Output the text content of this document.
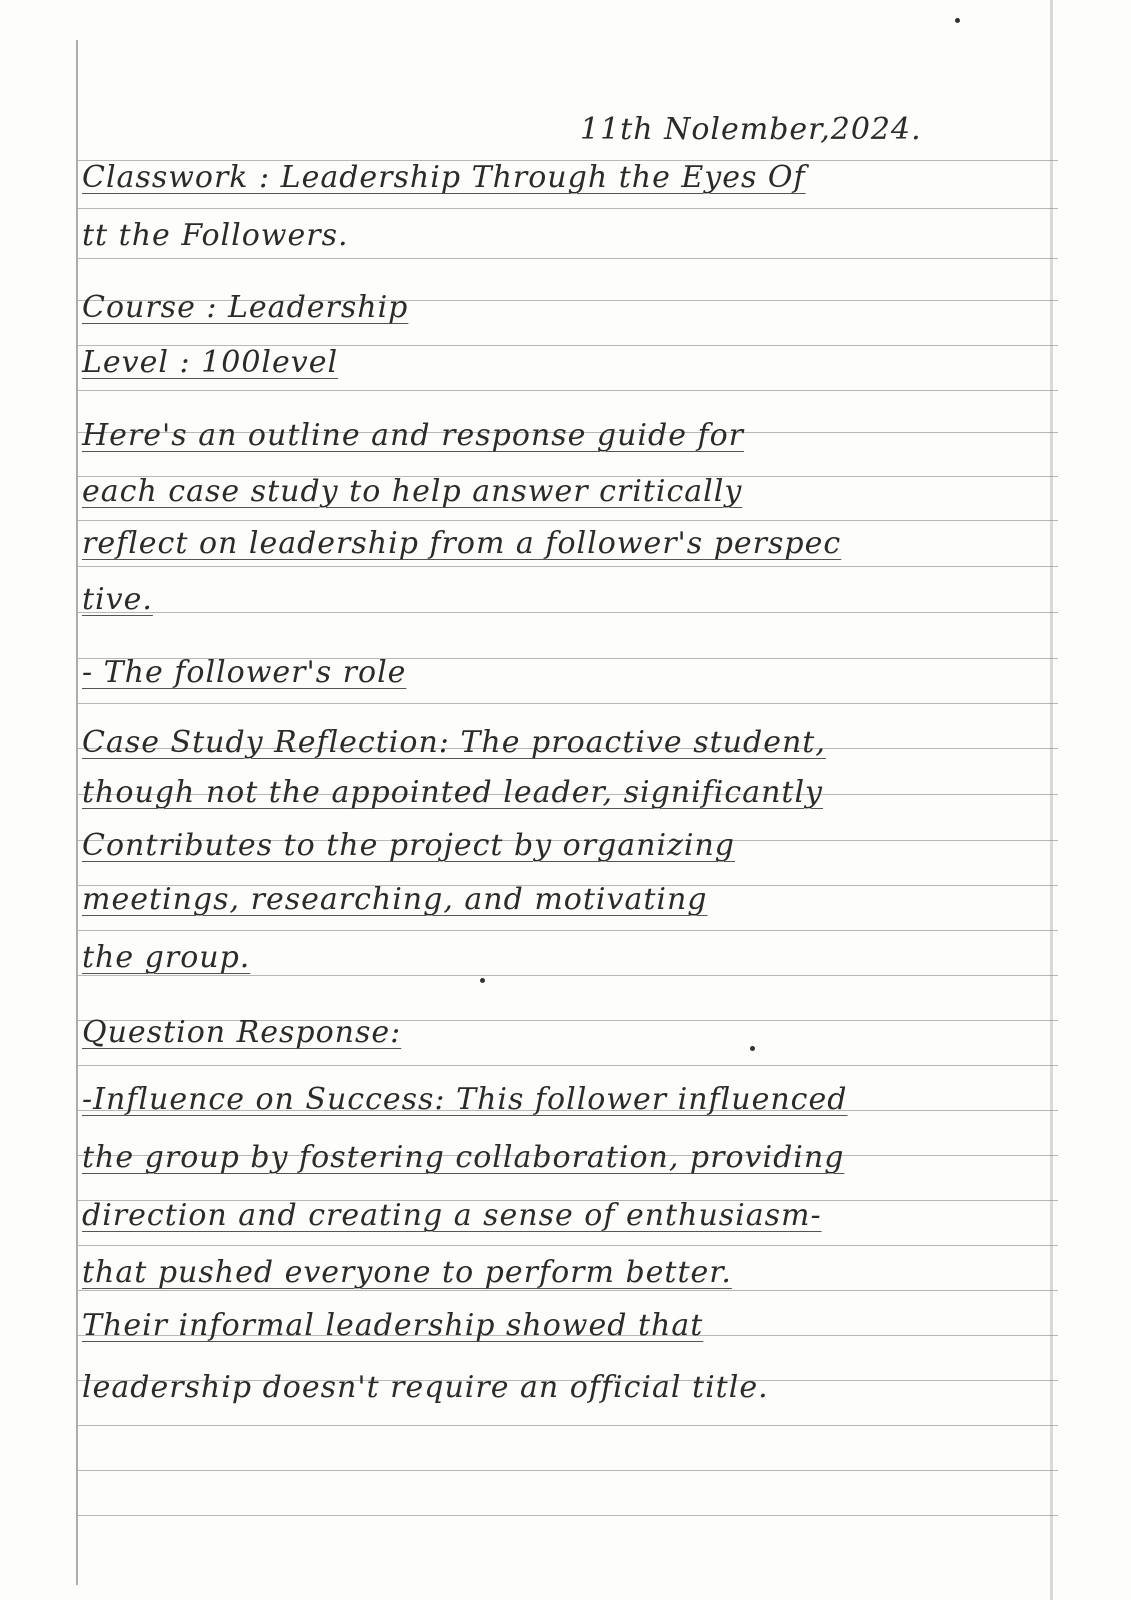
11th Nolember,2024.
Classwork : Leadership Through the Eyes Of
tt the Followers.
Course : Leadership
Level : 100level
Here's an outline and response guide for
each case study to help answer critically
reflect on leadership from a follower's perspec
tive.
- The follower's role
Case Study Reflection: The proactive student,
though not the appointed leader, significantly
Contributes to the project by organizing
meetings, researching, and motivating
the group.
Question Response:
-Influence on Success: This follower influenced
the group by fostering collaboration, providing
direction and creating a sense of enthusiasm-
that pushed everyone to perform better.
Their informal leadership showed that
leadership doesn't require an official title.
